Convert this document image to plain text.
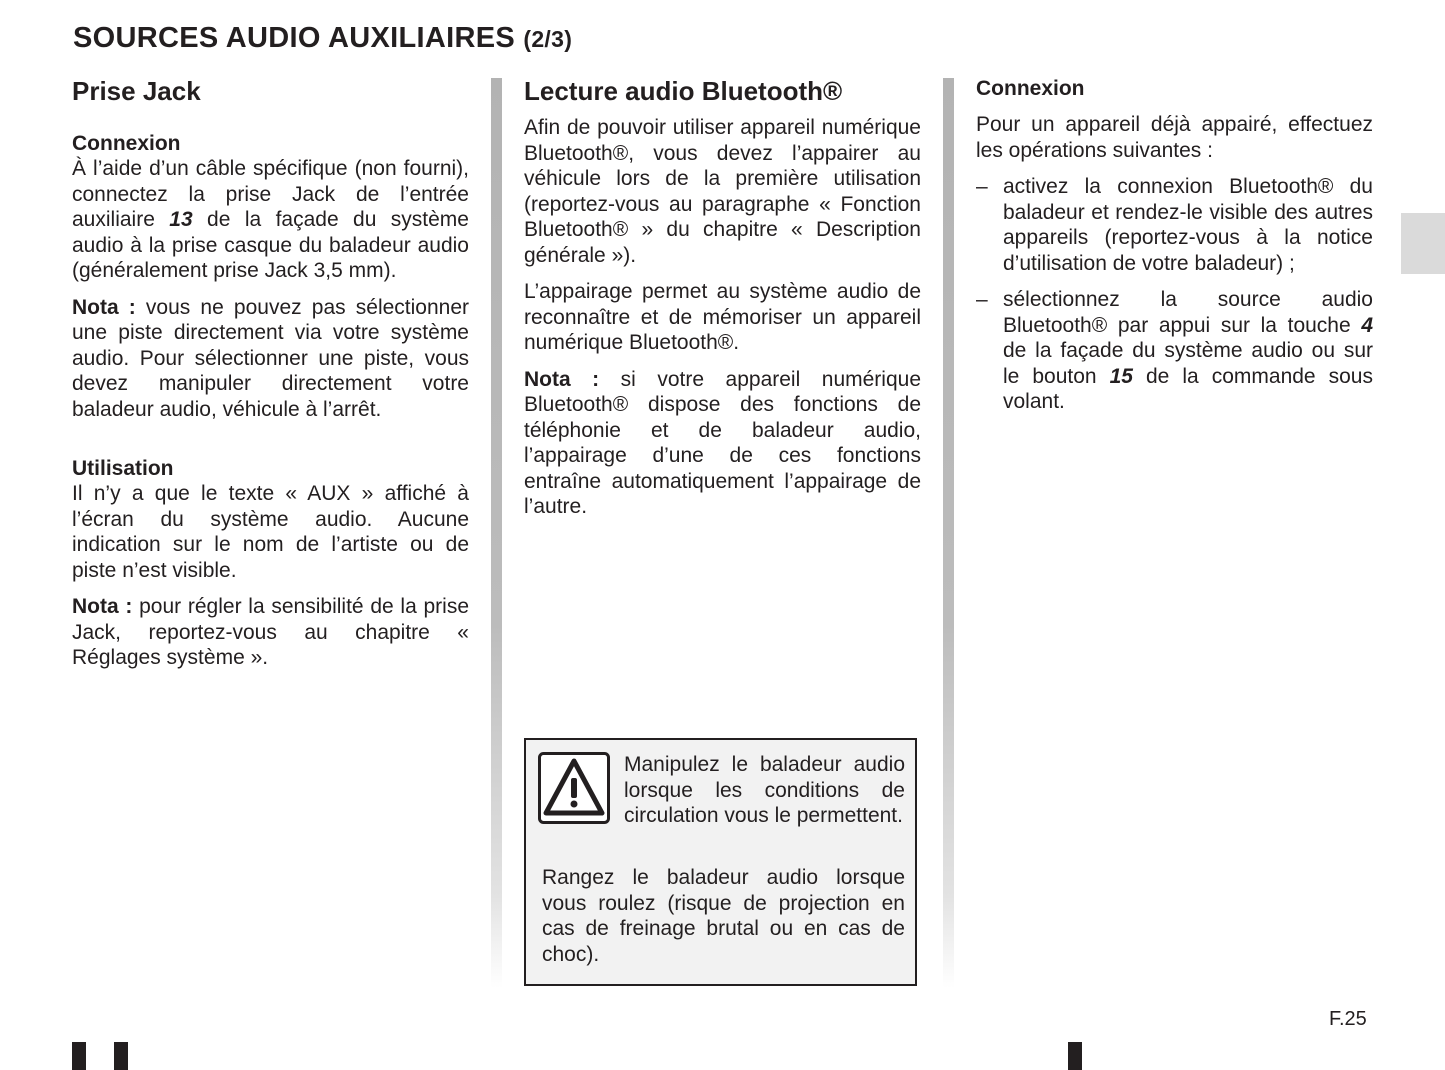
SOURCES AUDIO AUXILIAIRES (2/3)
Prise Jack
Connexion

À l’aide d’un câble spécifique (non fourni), connectez la prise Jack de l’entrée auxiliaire 13 de la façade du système audio à la prise casque du baladeur audio (généralement prise Jack 3,5 mm).

Nota : vous ne pouvez pas sélectionner une piste directement via votre système audio. Pour sélectionner une piste, vous devez manipuler directement votre baladeur audio, véhicule à l’arrêt.

Utilisation

Il n’y a que le texte « AUX » affiché à l’écran du système audio. Aucune indication sur le nom de l’artiste ou de piste n’est visible.

Nota : pour régler la sensibilité de la prise Jack, reportez-vous au chapitre « Réglages système ».

Lecture audio Bluetooth®

Afin de pouvoir utiliser appareil numérique Bluetooth®, vous devez l’appairer au véhicule lors de la première utilisation (reportez-vous au paragraphe « Fonction Bluetooth® » du chapitre « Description générale »).

L’appairage permet au système audio de reconnaître et de mémoriser un appareil numérique Bluetooth®.

Nota : si votre appareil numérique Bluetooth® dispose des fonctions de téléphonie et de baladeur audio, l’appairage d’une de ces fonctions entraîne automatiquement l’appairage de l’autre.

Manipulez le baladeur audio lorsque les conditions de circulation vous le permettent.
Rangez le baladeur audio lorsque vous roulez (risque de projection en cas de freinage brutal ou en cas de choc).
Connexion

Pour un appareil déjà appairé, effectuez les opérations suivantes :

– activez la connexion Bluetooth® du baladeur et rendez-le visible des autres appareils (reportez-vous à la notice d’utilisation de votre baladeur) ;
– sélectionnez la source audio Bluetooth® par appui sur la touche 4 de la façade du système audio ou sur le bouton 15 de la commande sous volant.
F.25
